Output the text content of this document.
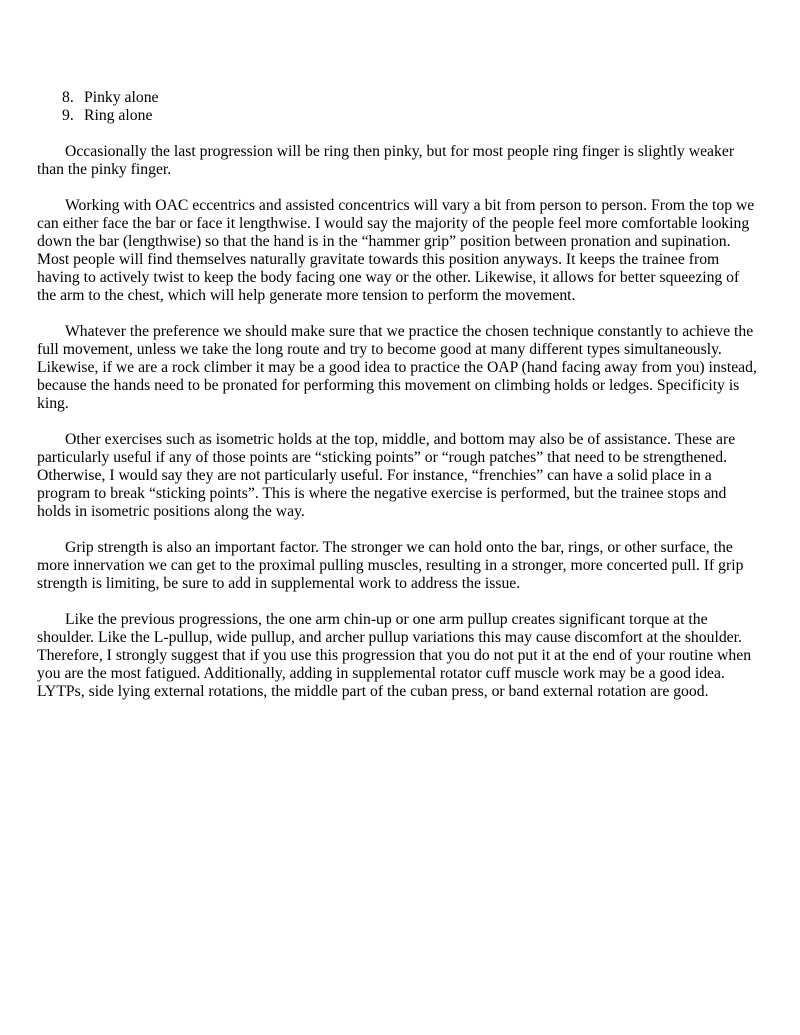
8. Pinky alone
9. Ring alone

Occasionally the last progression will be ring then pinky, but for most people ring finger is slightly weaker than the pinky finger.

Working with OAC eccentrics and assisted concentrics will vary a bit from person to person. From the top we can either face the bar or face it lengthwise. I would say the majority of the people feel more comfortable looking down the bar (lengthwise) so that the hand is in the “hammer grip” position between pronation and supination. Most people will find themselves naturally gravitate towards this position anyways. It keeps the trainee from having to actively twist to keep the body facing one way or the other. Likewise, it allows for better squeezing of the arm to the chest, which will help generate more tension to perform the movement.

Whatever the preference we should make sure that we practice the chosen technique constantly to achieve the full movement, unless we take the long route and try to become good at many different types simultaneously. Likewise, if we are a rock climber it may be a good idea to practice the OAP (hand facing away from you) instead, because the hands need to be pronated for performing this movement on climbing holds or ledges. Specificity is king.

Other exercises such as isometric holds at the top, middle, and bottom may also be of assistance. These are particularly useful if any of those points are “sticking points” or “rough patches” that need to be strengthened. Otherwise, I would say they are not particularly useful. For instance, “frenchies” can have a solid place in a program to break “sticking points”. This is where the negative exercise is performed, but the trainee stops and holds in isometric positions along the way.

Grip strength is also an important factor. The stronger we can hold onto the bar, rings, or other surface, the more innervation we can get to the proximal pulling muscles, resulting in a stronger, more concerted pull. If grip strength is limiting, be sure to add in supplemental work to address the issue.

Like the previous progressions, the one arm chin-up or one arm pullup creates significant torque at the shoulder. Like the L-pullup, wide pullup, and archer pullup variations this may cause discomfort at the shoulder. Therefore, I strongly suggest that if you use this progression that you do not put it at the end of your routine when you are the most fatigued. Additionally, adding in supplemental rotator cuff muscle work may be a good idea. LYTPs, side lying external rotations, the middle part of the cuban press, or band external rotation are good.
